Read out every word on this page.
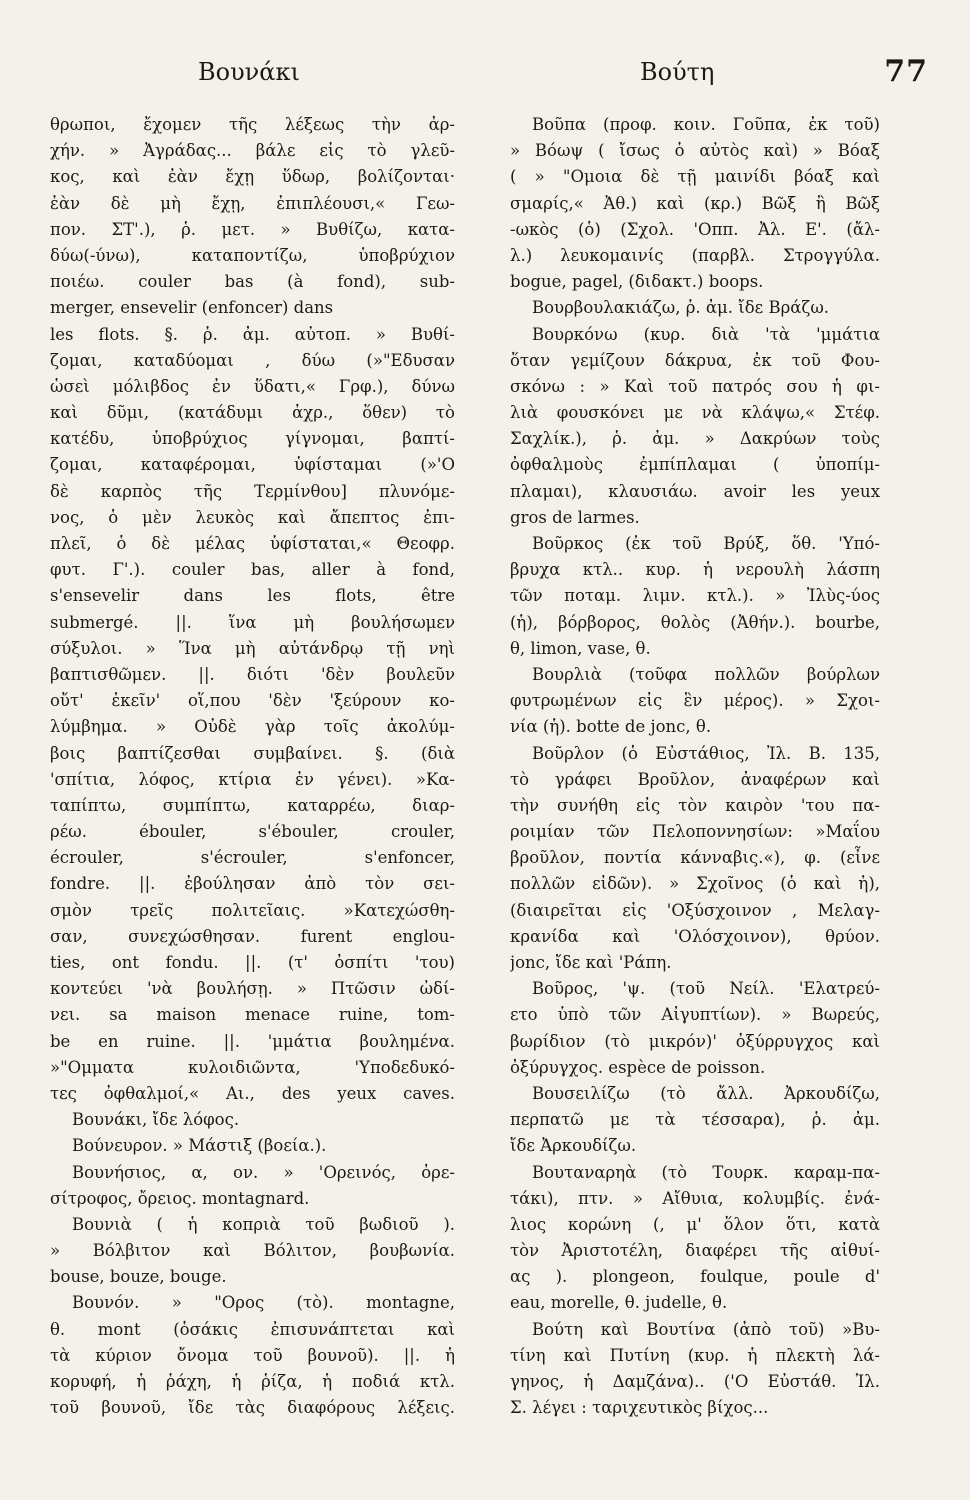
Βουνάκι	Βούτη	77
θρωποι, ἔχομεν τῆς λέξεως τὴν ἀρ-
χήν. » Ἀγράδας... βάλε εἰς τὸ γλεῦ-
κος, καὶ ἐὰν ἔχῃ ὕδωρ, βολίζονται·
ἐὰν δὲ μὴ ἔχῃ, ἐπιπλέουσι,« Γεω-
πον. ΣΤ'.), ῥ. μετ. » Βυθίζω, κατα-
δύω(-ύνω), καταποντίζω, ὑποβρύχιον
ποιέω. couler bas (à fond), sub-
merger, ensevelir (enfoncer) dans
les flots. §. ῥ. ἀμ. αὐτοπ. » Βυθί-
ζομαι, καταδύομαι , δύω (»"Εδυσαν
ὡσεὶ μόλιβδος ἐν ὕδατι,« Γρφ.), δύνω
καὶ δῦμι, (κατάδυμι ἀχρ., ὅθεν) τὸ
κατέδυ, ὑποβρύχιος γίγνομαι, βαπτί-
ζομαι, καταφέρομαι, ὑφίσταμαι (»'Ο
δὲ καρπὸς τῆς Τερμίνθου] πλυνόμε-
νος, ὁ μὲν λευκὸς καὶ ἄπεπτος ἐπι-
πλεῖ, ὁ δὲ μέλας ὑφίσταται,« Θεοφρ.
φυτ. Γ'.). couler bas, aller à fond,
s'ensevelir dans les flots, être
submergé. ||. ἵνα μὴ βουλήσωμεν
σύξυλοι. » Ἵνα μὴ αὐτάνδρῳ τῇ νηὶ
βαπτισθῶμεν. ||. διότι 'δὲν βουλεῦν
οὔτ' ἐκεῖν' οἵ,που 'δὲν 'ξεύρουν κο-
λύμβημα. » Οὐδὲ γὰρ τοῖς ἀκολύμ-
βοις βαπτίζεσθαι συμβαίνει. §. (διὰ
'σπίτια, λόφος, κτίρια ἐν γένει). »Κα-
ταπίπτω, συμπίπτω, καταρρέω, διαρ-
ρέω. ébouler, s'ébouler, crouler,
écrouler, s'écrouler, s'enfoncer,
fondre. ||. ἐβούλησαν ἀπὸ τὸν σει-
σμὸν τρεῖς πολιτεῖαις. »Κατεχώσθη-
σαν, συνεχώσθησαν. furent englou-
ties, ont fondu. ||. (τ' ὀσπίτι 'του)
κοντεύει 'νὰ βουλήσῃ. » Πτῶσιν ὠδί-
νει. sa maison menace ruine, tom-
be en ruine. ||. 'μμάτια βουλημένα.
»"Ομματα κυλοιδιῶντα, 'Υποδεδυκό-
τες ὀφθαλμοί,« Αι., des yeux caves.
Βουνάκι, ἴδε λόφος.
Βούνευρον. » Μάστιξ (βοεία.).
Βουνήσιος, α, ον. » 'Ορεινός, ὀρε-
σίτροφος, ὄρειος. montagnard.
Βουνιὰ ( ἡ κοπριὰ τοῦ βωδιοῦ ).
» Βόλβιτον καὶ Βόλιτον, βουβωνία.
bouse, bouze, bouge.
Βουνόν. » "Ορος (τὸ). montagne,
θ. mont (ὁσάκις ἐπισυνάπτεται καὶ
τὰ κύριον ὄνομα τοῦ βουνοῦ). ||. ἡ
κορυφή, ἡ ῥάχη, ἡ ῥίζα, ἡ ποδιά κτλ.
τοῦ βουνοῦ, ἴδε τὰς διαφόρους λέξεις.
Βοῦπα (προφ. κοιν. Γοῦπα, ἐκ τοῦ)
» Βόωψ ( ἴσως ὁ αὐτὸς καὶ) » Βόαξ
( » "Ομοια δὲ τῇ μαινίδι βόαξ καὶ
σμαρίς,« Ἀθ.) καὶ (κρ.) Βῶξ ἢ Βῶξ
-ωκὸς (ὁ) (Σχολ. 'Οππ. Ἀλ. Ε'. (ἄλ-
λ.) λευκομαινίς (παρβλ. Στρογγύλα.
bogue, pagel, (διδακτ.) boops.
Βουρβουλακιάζω, ῥ. ἀμ. ἴδε Βράζω.
Βουρκόνω (κυρ. διὰ 'τὰ 'μμάτια
ὅταν γεμίζουν δάκρυα, ἐκ τοῦ Φου-
σκόνω : » Καὶ τοῦ πατρός σου ἡ φι-
λιὰ φουσκόνει με νὰ κλάψω,« Στέφ.
Σαχλίκ.), ῥ. ἀμ. » Δακρύων τοὺς
ὀφθαλμοὺς ἐμπίπλαμαι ( ὑποπίμ-
πλαμαι), κλαυσιάω. avoir les yeux
gros de larmes.
Βοῦρκος (ἐκ τοῦ Βρύξ, ὅθ. 'Υπό-
βρυχα κτλ.. κυρ. ἡ νερουλὴ λάσπη
τῶν ποταμ. λιμν. κτλ.). » Ἰλὺς-ύος
(ἡ), βόρβορος, θολὸς (Ἀθήν.). bourbe,
θ, limon, vase, θ.
Βουρλιὰ (τοῦφα πολλῶν βούρλων
φυτρωμένων εἰς ἓν μέρος). » Σχοι-
νία (ἡ). botte de jonc, θ.
Βοῦρλον (ὁ Εὐστάθιος, Ἰλ. Β. 135,
τὸ γράφει Βροῦλον, ἀναφέρων καὶ
τὴν συνήθη εἰς τὸν καιρὸν 'του πα-
ροιμίαν τῶν Πελοποννησίων: »Μαΐου
βροῦλον, ποντία κάνναβις.«), φ. (εἶνε
πολλῶν εἰδῶν). » Σχοῖνος (ὁ καὶ ἡ),
(διαιρεῖται εἰς 'Οξύσχοινον , Μελαγ-
κρανίδα καὶ 'Ολόσχοινον), θρύον.
jonc, ἴδε καὶ 'Ράπη.
Βοῦρος, 'ψ. (τοῦ Νείλ. 'Ελατρεύ-
ετο ὑπὸ τῶν Αἰγυπτίων). » Βωρεύς,
βωρίδιον (τὸ μικρόν)' ὀξύρρυγχος καὶ
ὀξύρυγχος. espèce de poisson.
Βουσειλίζω (τὸ ἄλλ. Ἀρκουδίζω,
περπατῶ με τὰ τέσσαρα), ῥ. ἀμ.
ἴδε Ἀρκουδίζω.
Βουταναρηὰ (τὸ Τουρκ. καραμ-πα-
τάκι), πτν. » Αἴθυια, κολυμβίς. ἐνά-
λιος κορώνη (, μ' ὅλον ὅτι, κατὰ
τὸν Ἀριστοτέλη, διαφέρει τῆς αἰθυί-
ας ). plongeon, foulque, poule d'
eau, morelle, θ. judelle, θ.
Βούτη καὶ Βουτίνα (ἀπὸ τοῦ) »Βυ-
τίνη καὶ Πυτίνη (κυρ. ἡ πλεκτὴ λά-
γηνος, ἡ Δαμζάνα).. ('Ο Εὐστάθ. Ἰλ.
Σ. λέγει : ταριχευτικὸς βίχος...
